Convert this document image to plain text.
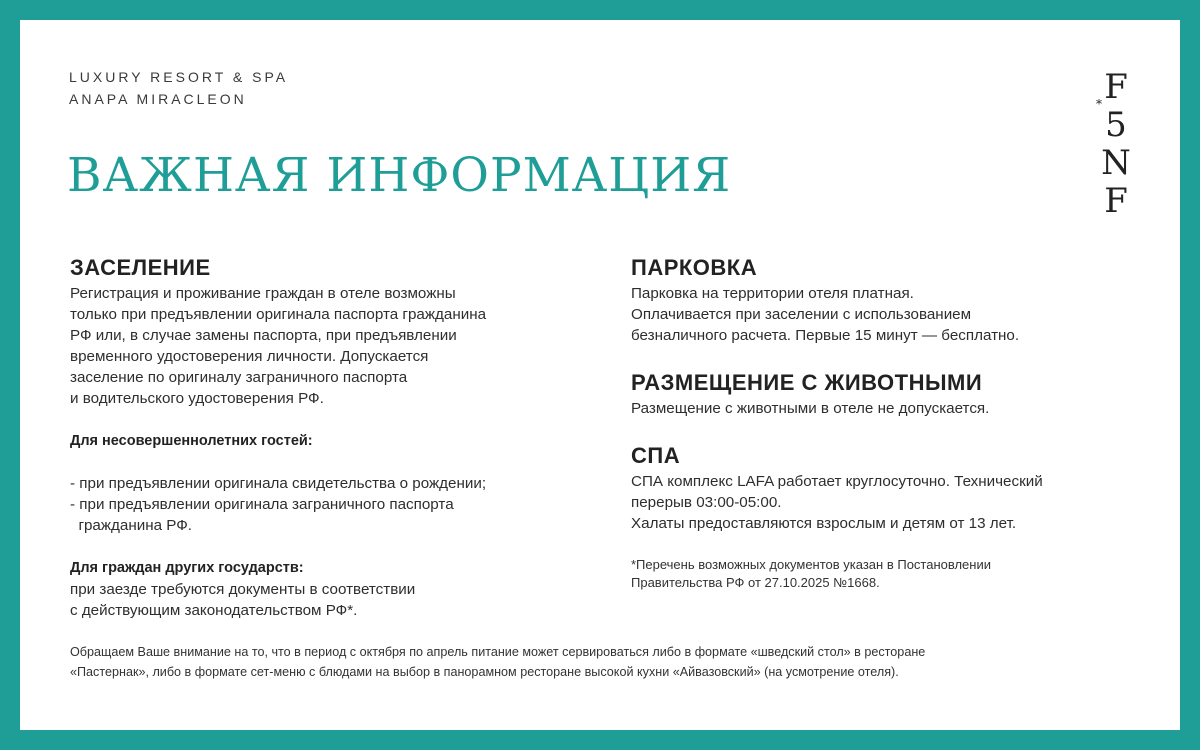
LUXURY RESORT & SPA
ANAPA MIRACLEON	* F
5
N
F
ВАЖНАЯ ИНФОРМАЦИЯ
ЗАСЕЛЕНИЕ

Регистрация и проживание граждан в отеле возможны
только при предъявлении оригинала паспорта гражданина
РФ или, в случае замены паспорта, при предъявлении
временного удостоверения личности. Допускается
заселение по оригиналу заграничного паспорта
и водительского удостоверения РФ.

Для несовершеннолетних гостей:

- при предъявлении оригинала свидетельства о рождении;
- при предъявлении оригинала заграничного паспорта
гражданина РФ.

Для граждан других государств:

при заезде требуются документы в соответствии
с действующим законодательством РФ*.

ПАРКОВКА

Парковка на территории отеля платная.
Оплачивается при заселении с использованием
безналичного расчета. Первые 15 минут — бесплатно.

РАЗМЕЩЕНИЕ С ЖИВОТНЫМИ

Размещение с животными в отеле не допускается.

СПА

СПА комплекс LAFA работает круглосуточно. Технический
перерыв 03:00-05:00.
Халаты предоставляются взрослым и детям от 13 лет.

*Перечень возможных документов указан в Постановлении
Правительства РФ от 27.10.2025 №1668.
Обращаем Ваше внимание на то, что в период с октября по апрель питание может сервироваться либо в формате «шведский стол» в ресторане
«Пастернак», либо в формате сет-меню с блюдами на выбор в панорамном ресторане высокой кухни «Айвазовский» (на усмотрение отеля).
